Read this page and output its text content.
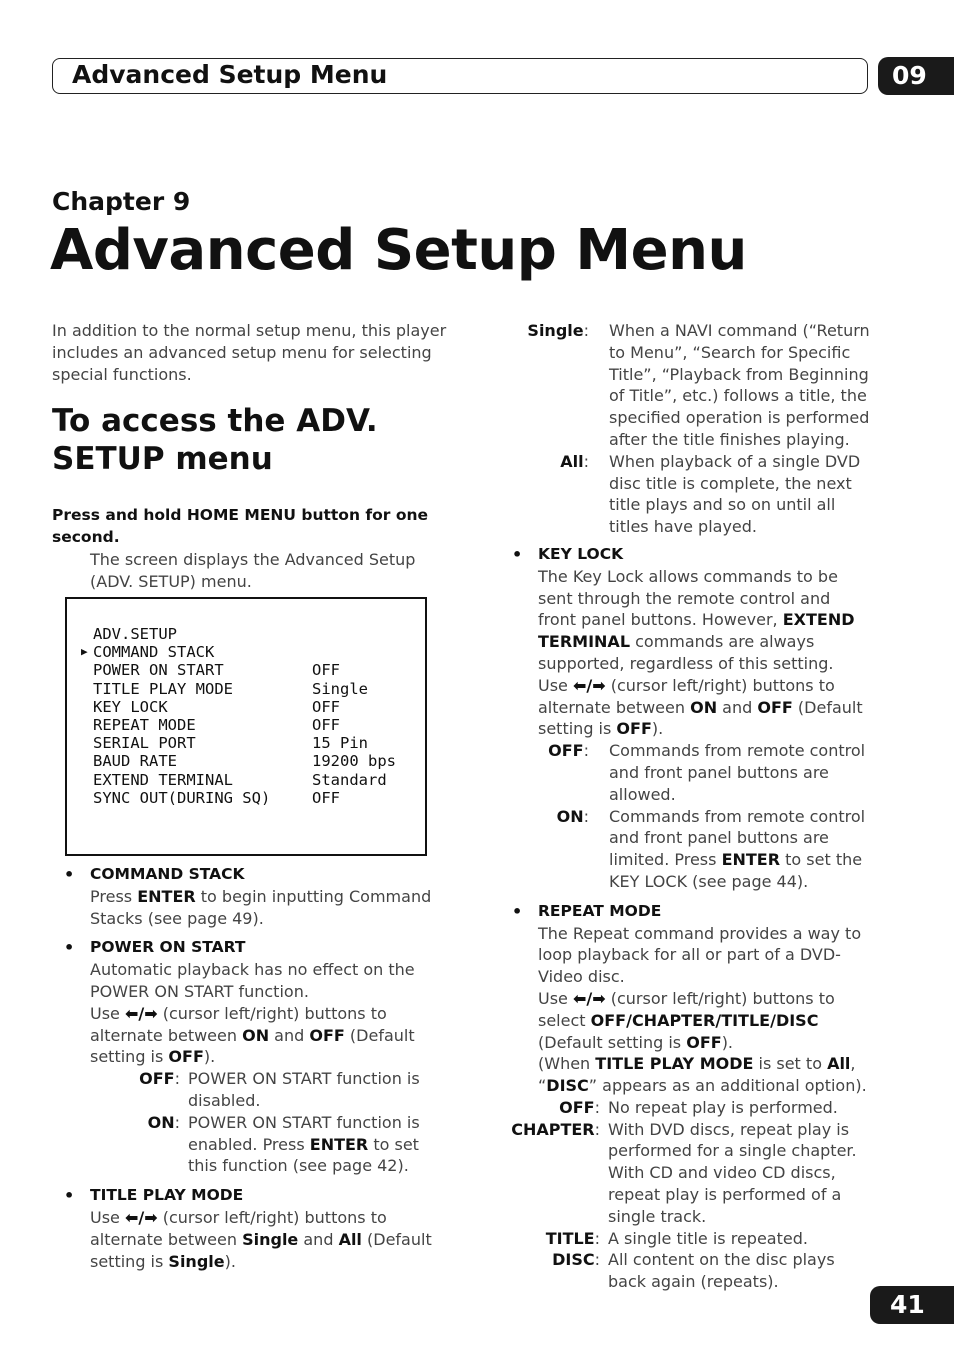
Advanced Setup Menu	09
Chapter 9
Advanced Setup Menu

In addition to the normal setup menu, this player includes an advanced setup menu for selecting special functions.

To access the ADV. SETUP menu
Press and hold HOME MENU button for one second.
The screen displays the Advanced Setup (ADV. SETUP) menu.
ADV.SETUP
▶ COMMAND STACK
POWER ON START	OFF
TITLE PLAY MODE	Single
KEY LOCK	OFF
REPEAT MODE	OFF
SERIAL PORT	15 Pin
BAUD RATE	19200 bps
EXTEND TERMINAL	Standard
SYNC OUT(DURING SQ)	OFF
• COMMAND STACK

Press ENTER to begin inputting Command Stacks (see page 49).

• POWER ON START

Automatic playback has no effect on the POWER ON START function.

Use ⬅/➡ (cursor left/right) buttons to alternate between ON and OFF (Default setting is OFF).

OFF: POWER ON START function is disabled.
ON: POWER ON START function is enabled. Press ENTER to set this function (see page 42).
• TITLE PLAY MODE

Use ⬅/➡ (cursor left/right) buttons to alternate between Single and All (Default setting is Single).

Single:	When a NAVI command (“Return to Menu”, “Search for Specific Title”, “Playback from Beginning of Title”, etc.) follows a title, the specified operation is performed after the title finishes playing.
All:	When playback of a single DVD disc title is complete, the next title plays and so on until all titles have played.
• KEY LOCK

The Key Lock allows commands to be sent through the remote control and front panel buttons. However, EXTEND TERMINAL commands are always supported, regardless of this setting.

Use ⬅/➡ (cursor left/right) buttons to alternate between ON and OFF (Default setting is OFF).

OFF:	Commands from remote control and front panel buttons are allowed.
ON:	Commands from remote control and front panel buttons are limited. Press ENTER to set the KEY LOCK (see page 44).
• REPEAT MODE

The Repeat command provides a way to loop playback for all or part of a DVD-Video disc.

Use ⬅/➡ (cursor left/right) buttons to select OFF/CHAPTER/TITLE/DISC (Default setting is OFF).

(When TITLE PLAY MODE is set to All, “DISC” appears as an additional option).

OFF: No repeat play is performed.
CHAPTER: With DVD discs, repeat play is performed for a single chapter. With CD and video CD discs, repeat play is performed of a single track.
TITLE: A single title is repeated.
DISC: All content on the disc plays back again (repeats).
41
